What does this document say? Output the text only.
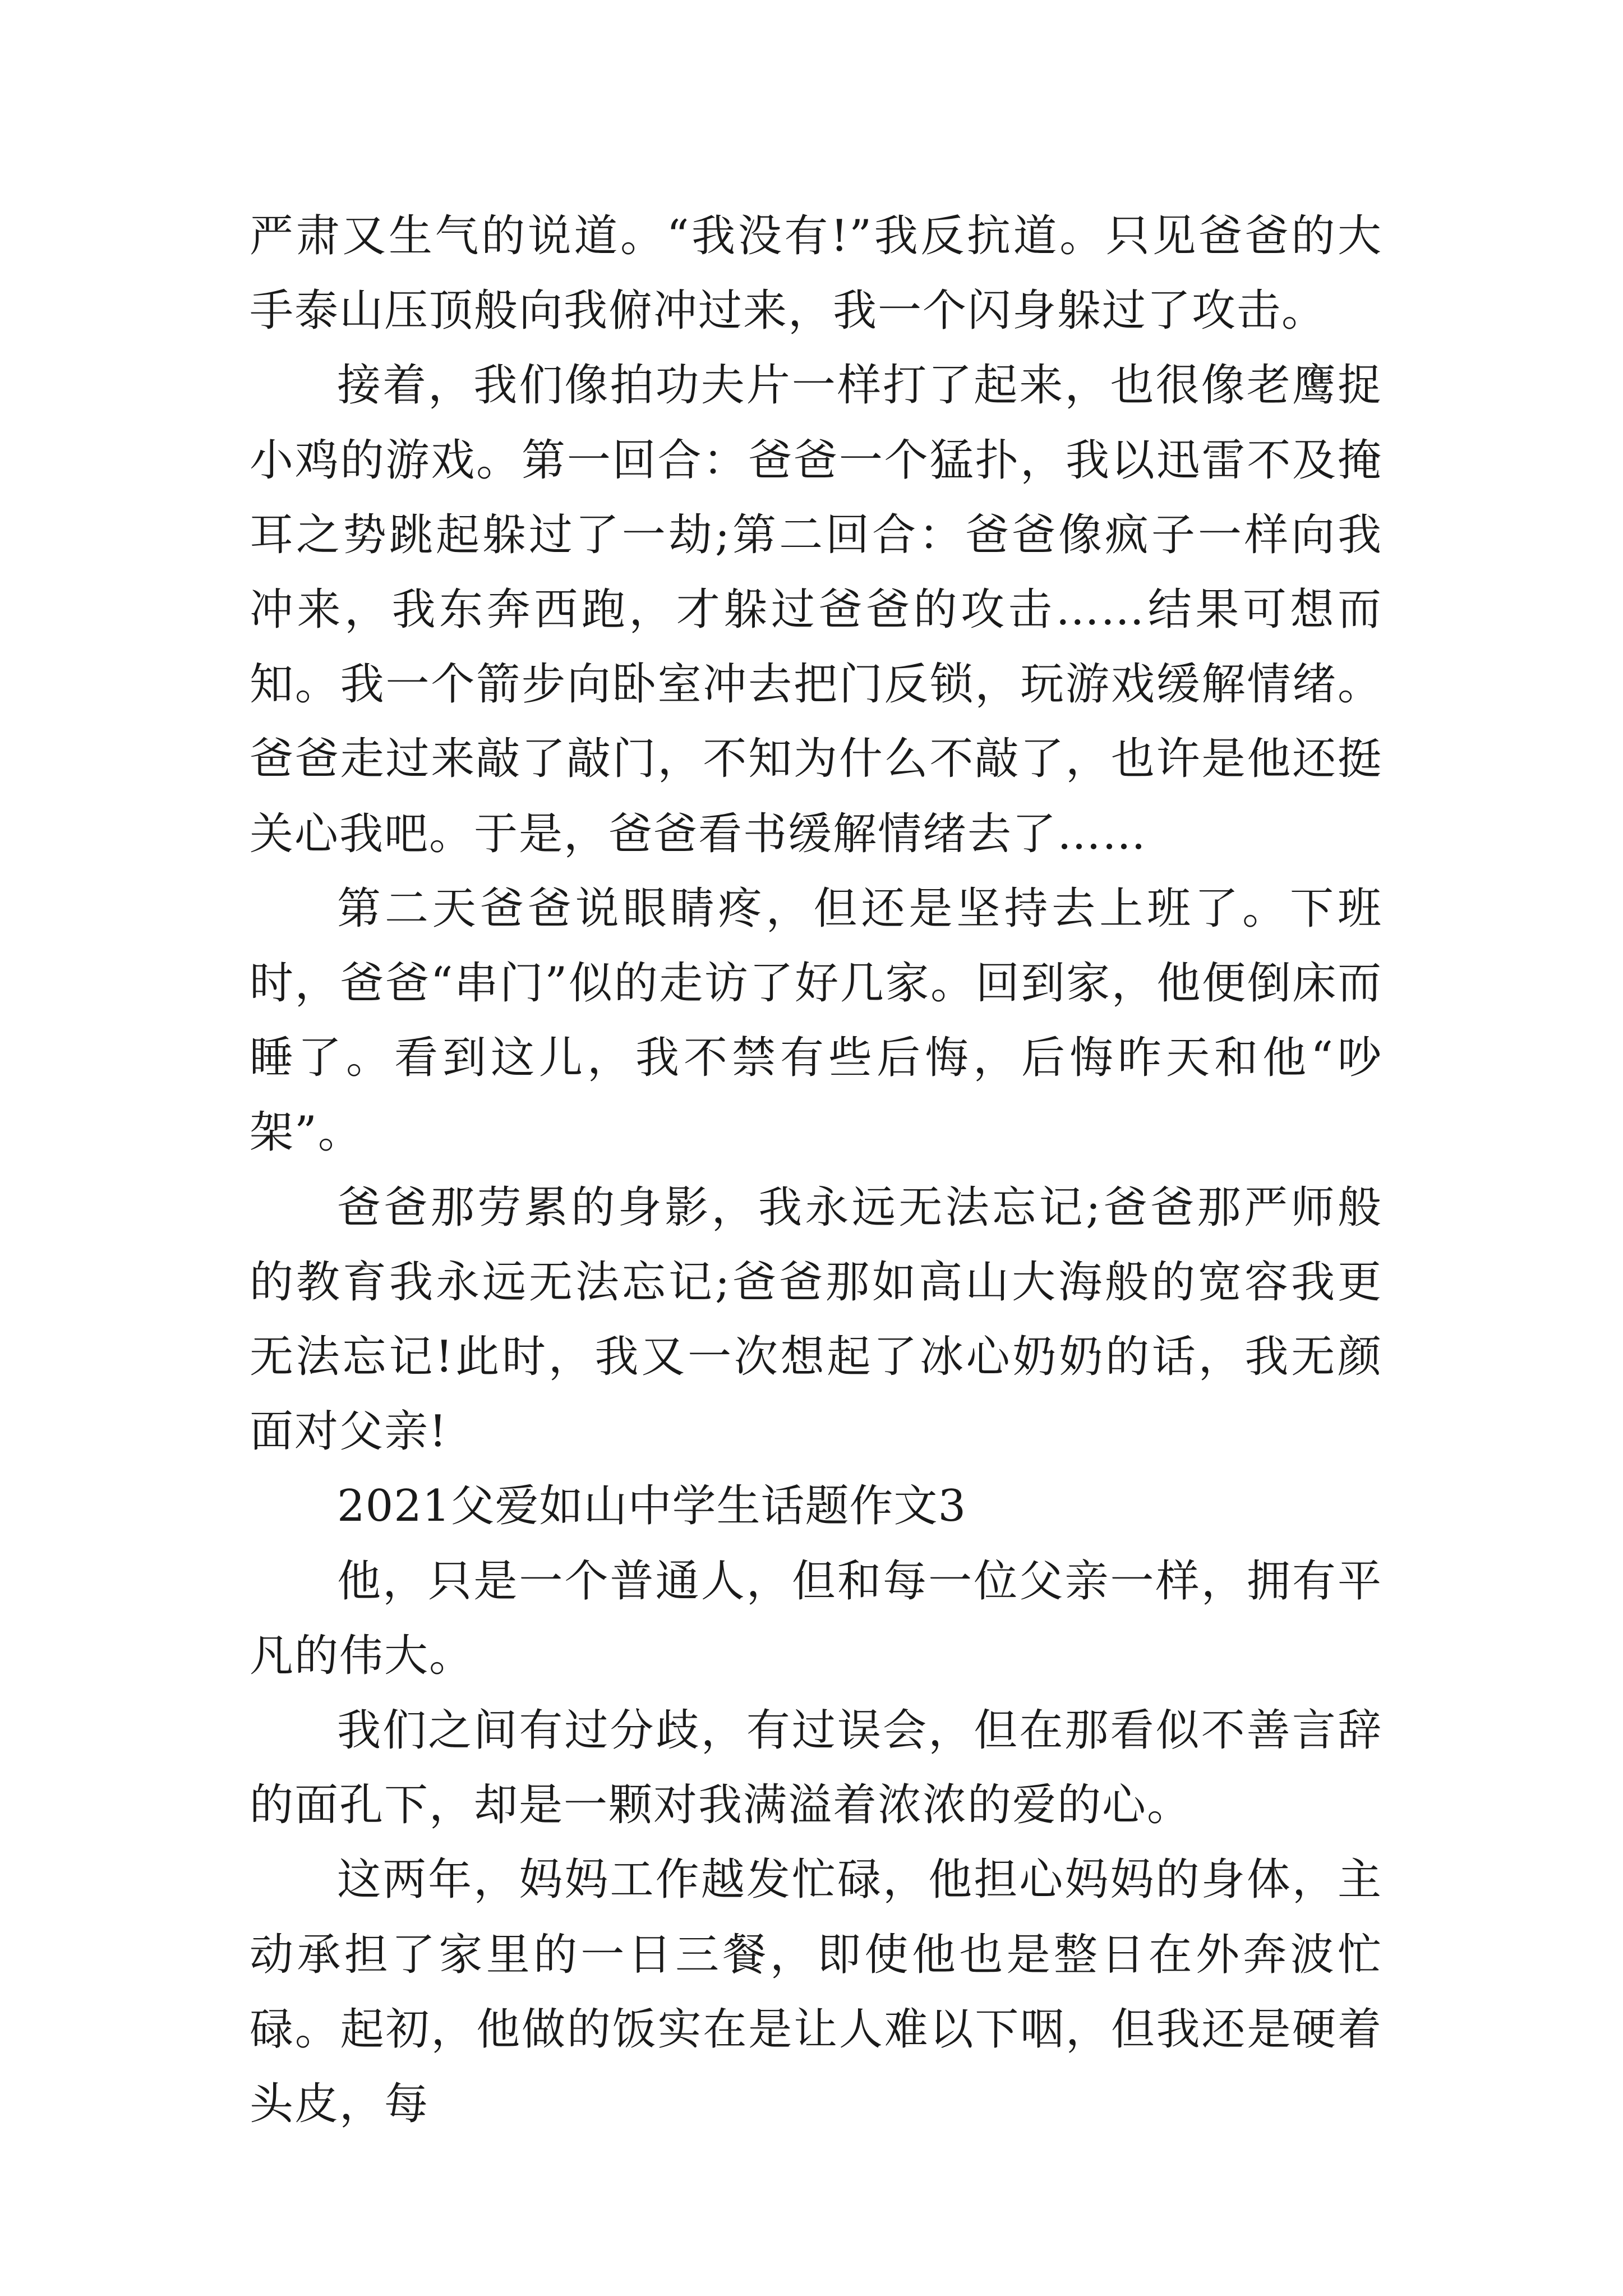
严肃又生气的说道。“我没有!”我反抗道。只见爸爸的大手泰山压顶般向我俯冲过来，我一个闪身躲过了攻击。

接着，我们像拍功夫片一样打了起来，也很像老鹰捉小鸡的游戏。第一回合：爸爸一个猛扑，我以迅雷不及掩耳之势跳起躲过了一劫;第二回合：爸爸像疯子一样向我冲来，我东奔西跑，才躲过爸爸的攻击……结果可想而知。我一个箭步向卧室冲去把门反锁，玩游戏缓解情绪。爸爸走过来敲了敲门，不知为什么不敲了，也许是他还挺关心我吧。于是，爸爸看书缓解情绪去了……

第二天爸爸说眼睛疼，但还是坚持去上班了。下班时，爸爸“串门”似的走访了好几家。回到家，他便倒床而睡了。看到这儿，我不禁有些后悔，后悔昨天和他“吵架”。

爸爸那劳累的身影，我永远无法忘记;爸爸那严师般的教育我永远无法忘记;爸爸那如高山大海般的宽容我更无法忘记!此时，我又一次想起了冰心奶奶的话，我无颜面对父亲!

2021父爱如山中学生话题作文3

他，只是一个普通人，但和每一位父亲一样，拥有平凡的伟大。

我们之间有过分歧，有过误会，但在那看似不善言辞的面孔下，却是一颗对我满溢着浓浓的爱的心。

这两年，妈妈工作越发忙碌，他担心妈妈的身体，主动承担了家里的一日三餐，即使他也是整日在外奔波忙碌。起初，他做的饭实在是让人难以下咽，但我还是硬着头皮，每
